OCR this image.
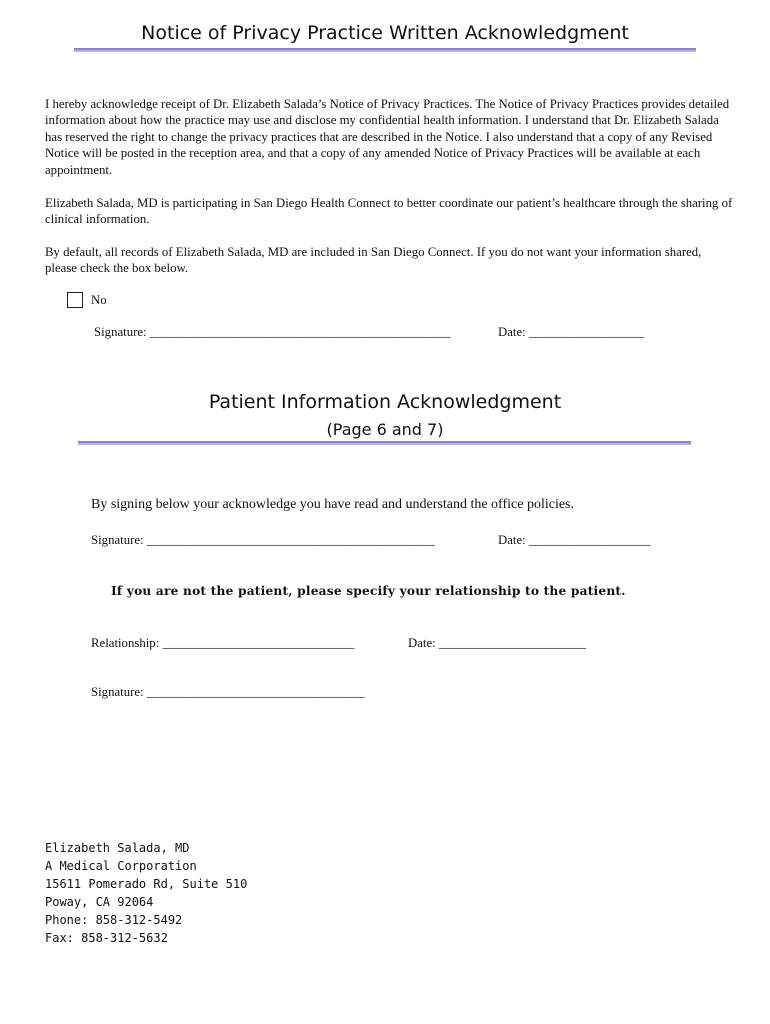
Notice of Privacy Practice Written Acknowledgment
I hereby acknowledge receipt of Dr. Elizabeth Salada’s Notice of Privacy Practices. The Notice of Privacy Practices provides detailed information about how the practice may use and disclose my confidential health information. I understand that Dr. Elizabeth Salada has reserved the right to change the privacy practices that are described in the Notice. I also understand that a copy of any Revised Notice will be posted in the reception area, and that a copy of any amended Notice of Privacy Practices will be available at each appointment.
Elizabeth Salada, MD is participating in San Diego Health Connect to better coordinate our patient’s healthcare through the sharing of clinical information.
By default, all records of Elizabeth Salada, MD are included in San Diego Connect. If you do not want your information shared, please check the box below.
No
Signature: _______________________________________________	Date: __________________
Patient Information Acknowledgment
(Page 6 and 7)
By signing below your acknowledge you have read and understand the office policies.
Signature: _____________________________________________	Date: ___________________
If you are not the patient, please specify your relationship to the patient.
Relationship: ______________________________	Date: _______________________
Signature: __________________________________
Elizabeth Salada, MD
A Medical Corporation
15611 Pomerado Rd, Suite 510
Poway, CA 92064
Phone: 858-312-5492
Fax: 858-312-5632
